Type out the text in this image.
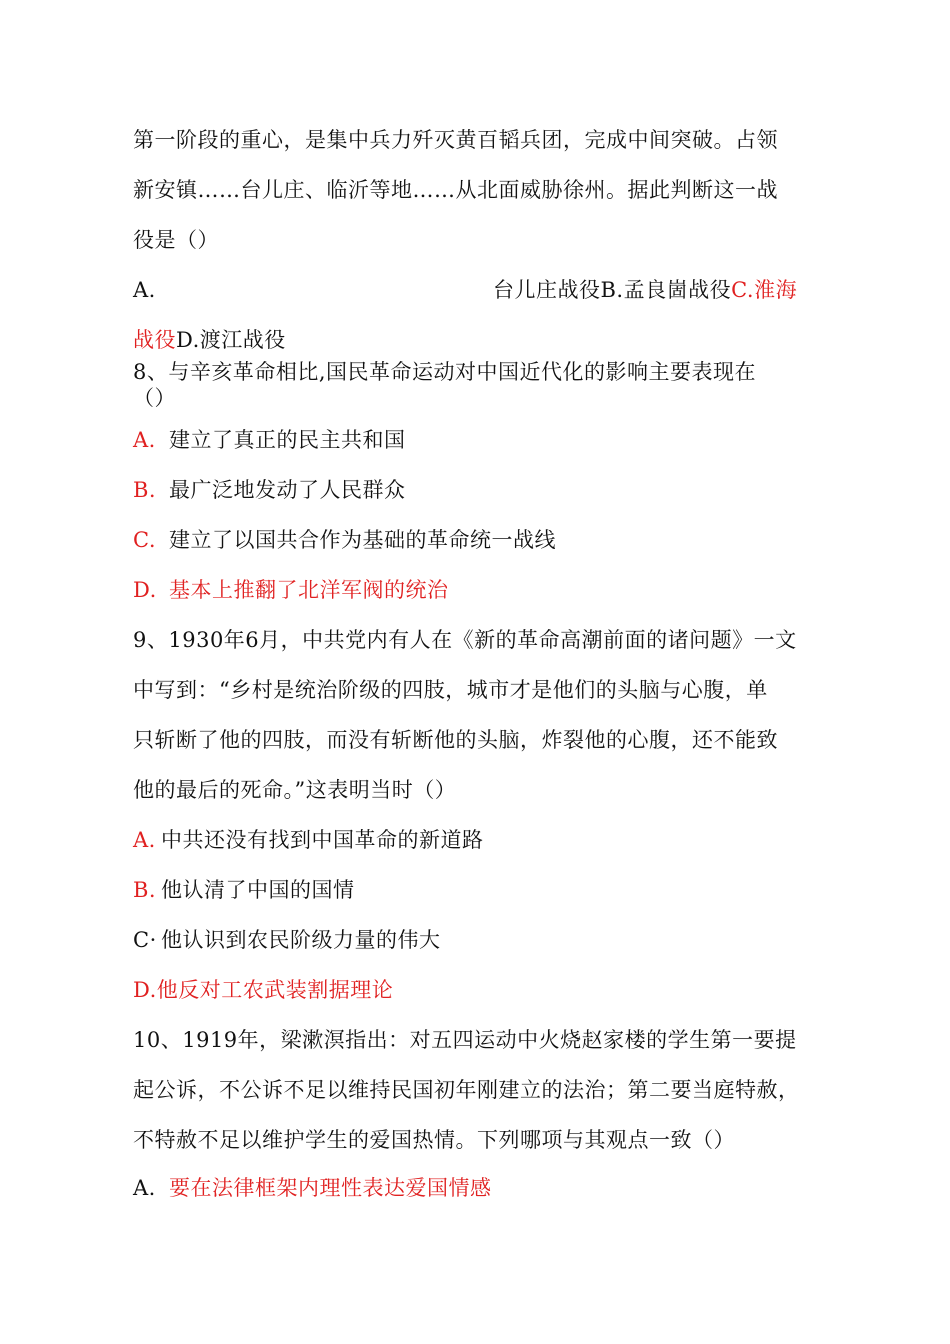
第一阶段的重心，是集中兵力歼灭黄百韬兵团，完成中间突破。占领
新安镇……台儿庄、临沂等地……从北面威胁徐州。据此判断这一战
役是（）
A.	台儿庄战役B.孟良崮战役C.淮海
战役D.渡江战役
8、与辛亥革命相比,国民革命运动对中国近代化的影响主要表现在
（）
A. 建立了真正的民主共和国
B. 最广泛地发动了人民群众
C. 建立了以国共合作为基础的革命统一战线
D. 基本上推翻了北洋军阀的统治
9、1930年6月，中共党内有人在《新的革命高潮前面的诸问题》一文
中写到：“乡村是统治阶级的四肢，城市才是他们的头脑与心腹，单
只斩断了他的四肢，而没有斩断他的头脑，炸裂他的心腹，还不能致
他的最后的死命。”这表明当时（）
A. 中共还没有找到中国革命的新道路
B. 他认清了中国的国情
C· 他认识到农民阶级力量的伟大
D.他反对工农武装割据理论
10、1919年，梁漱溟指出：对五四运动中火烧赵家楼的学生第一要提
起公诉，不公诉不足以维持民国初年刚建立的法治；第二要当庭特赦，
不特赦不足以维护学生的爱国热情。下列哪项与其观点一致（）
A. 要在法律框架内理性表达爱国情感
